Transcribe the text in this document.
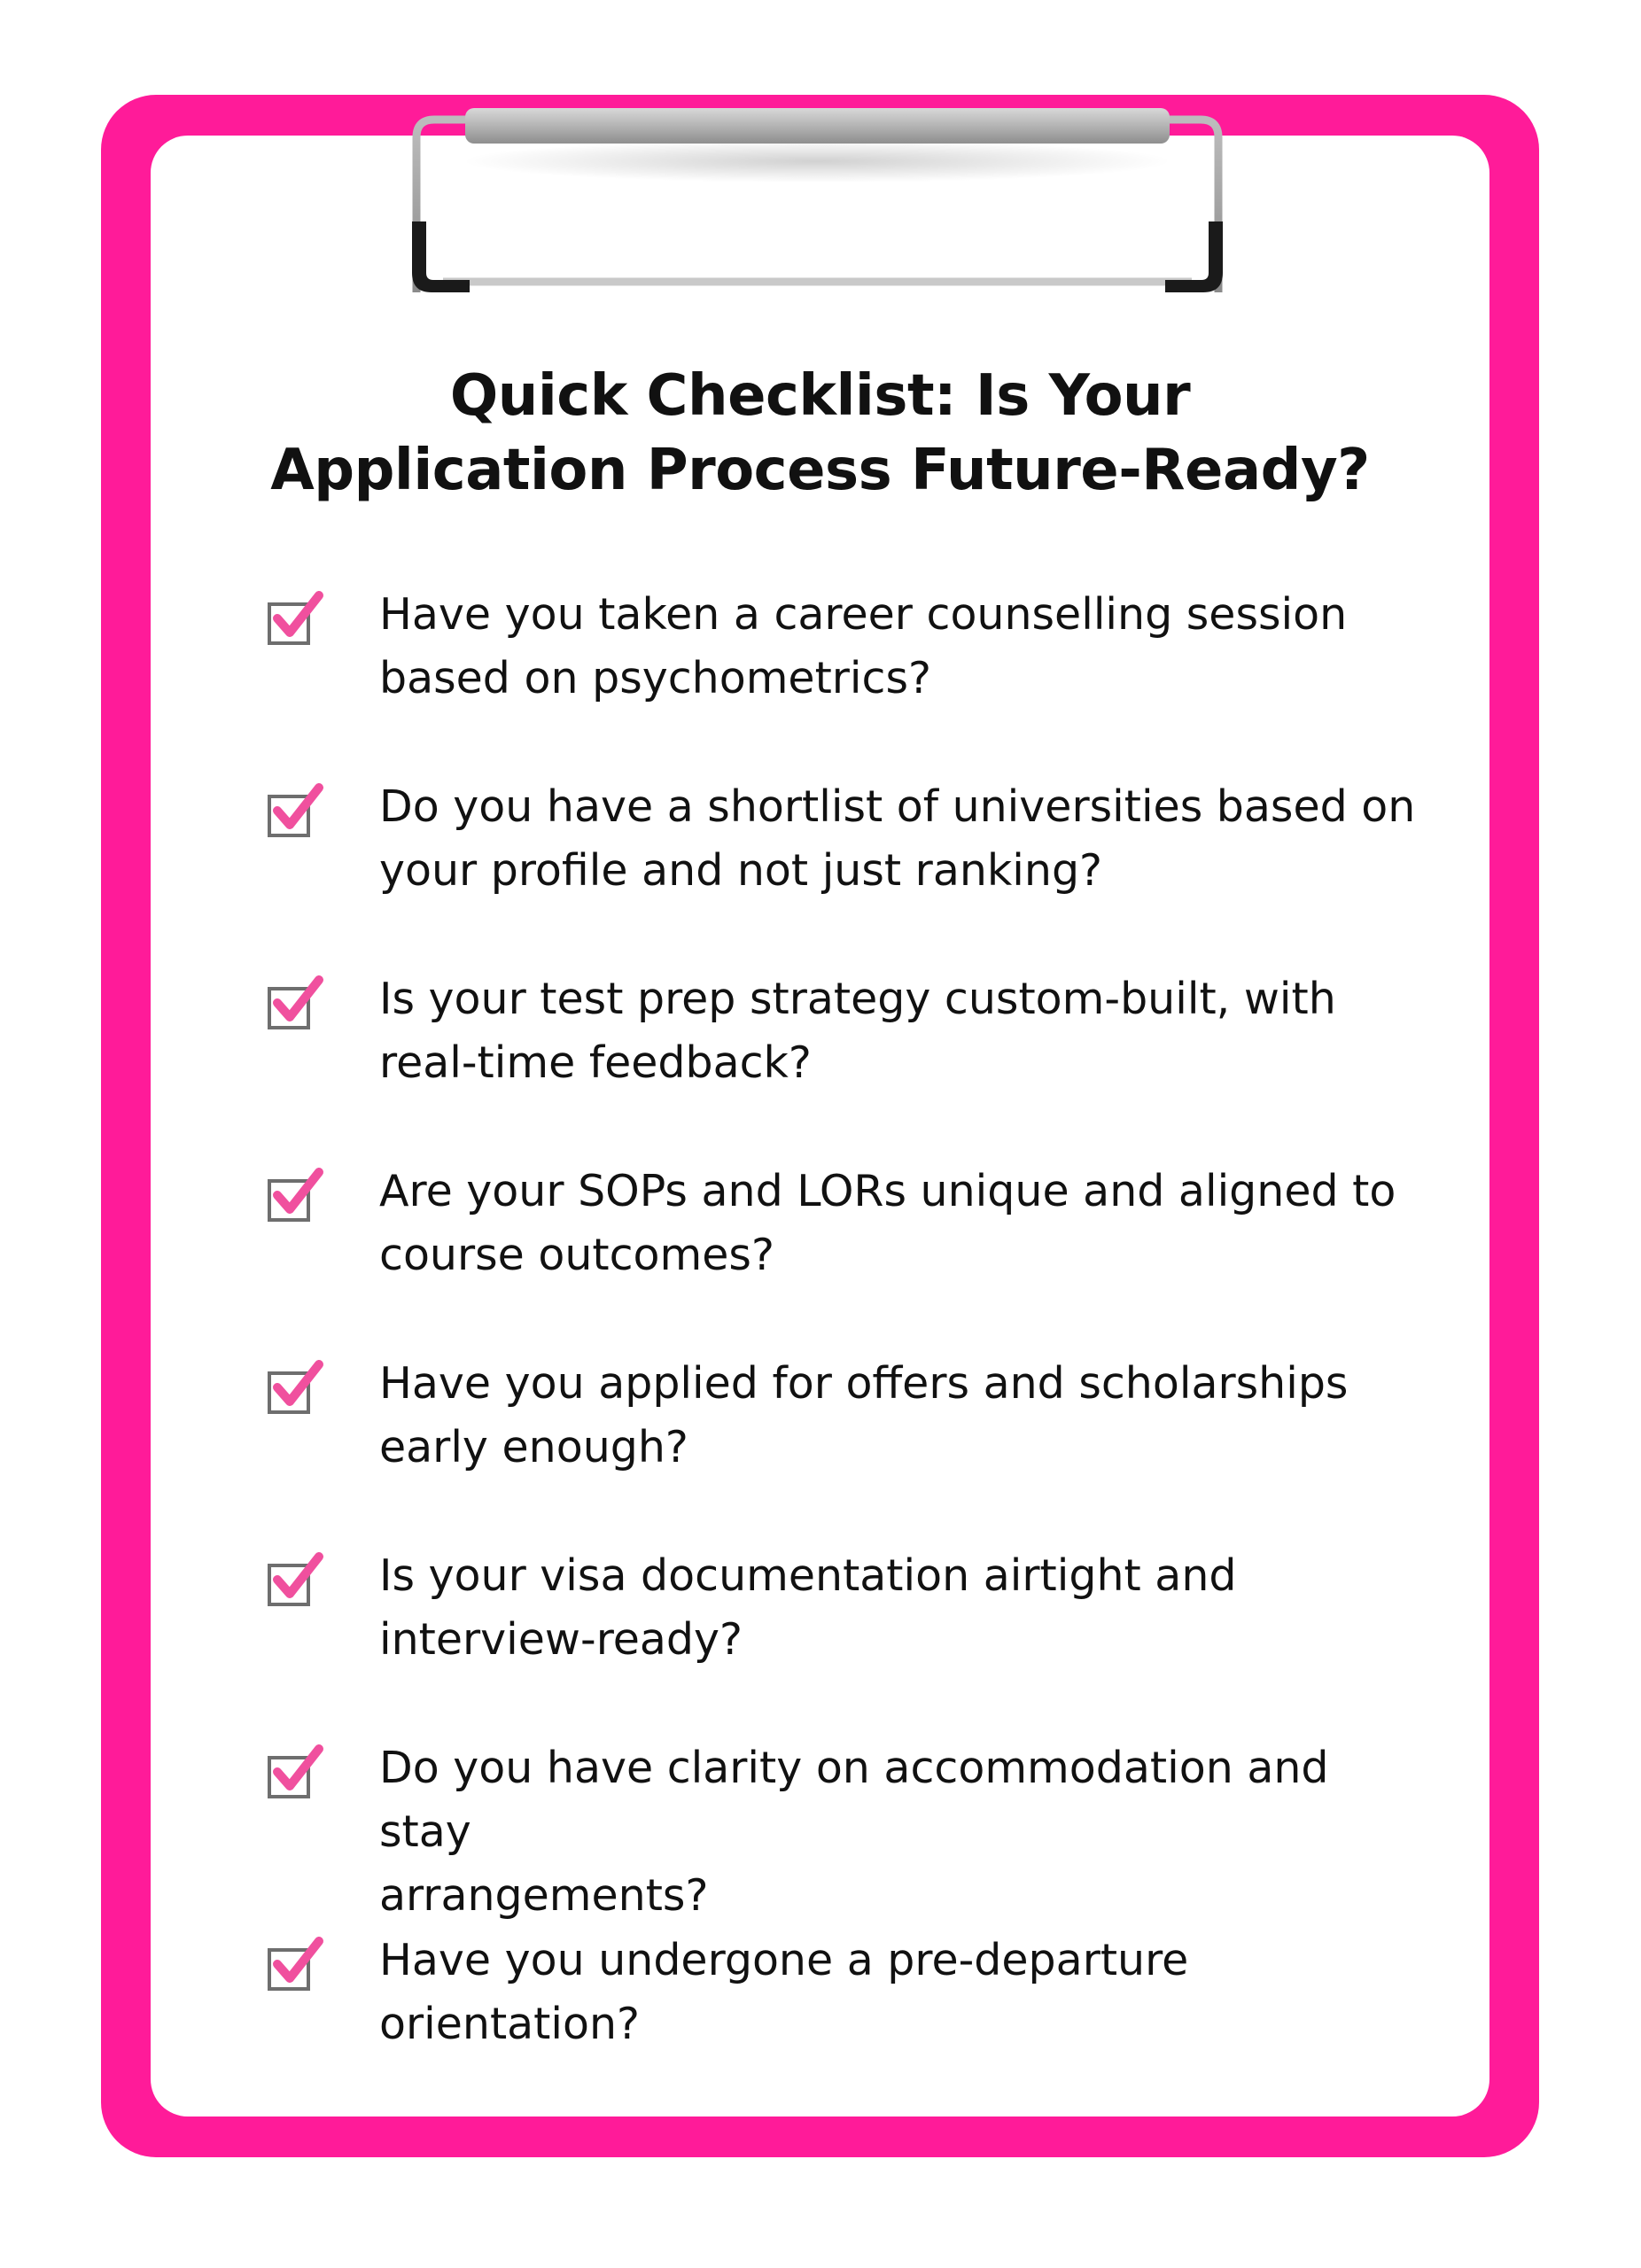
Quick Checklist: Is Your
Application Process Future-Ready?
Have you taken a career counselling session
based on psychometrics?
Do you have a shortlist of universities based on
your profile and not just ranking?
Is your test prep strategy custom-built, with
real-time feedback?
Are your SOPs and LORs unique and aligned to
course outcomes?
Have you applied for offers and scholarships
early enough?
Is your visa documentation airtight and
interview-ready?
Do you have clarity on accommodation and stay
arrangements?
Have you undergone a pre-departure
orientation?
